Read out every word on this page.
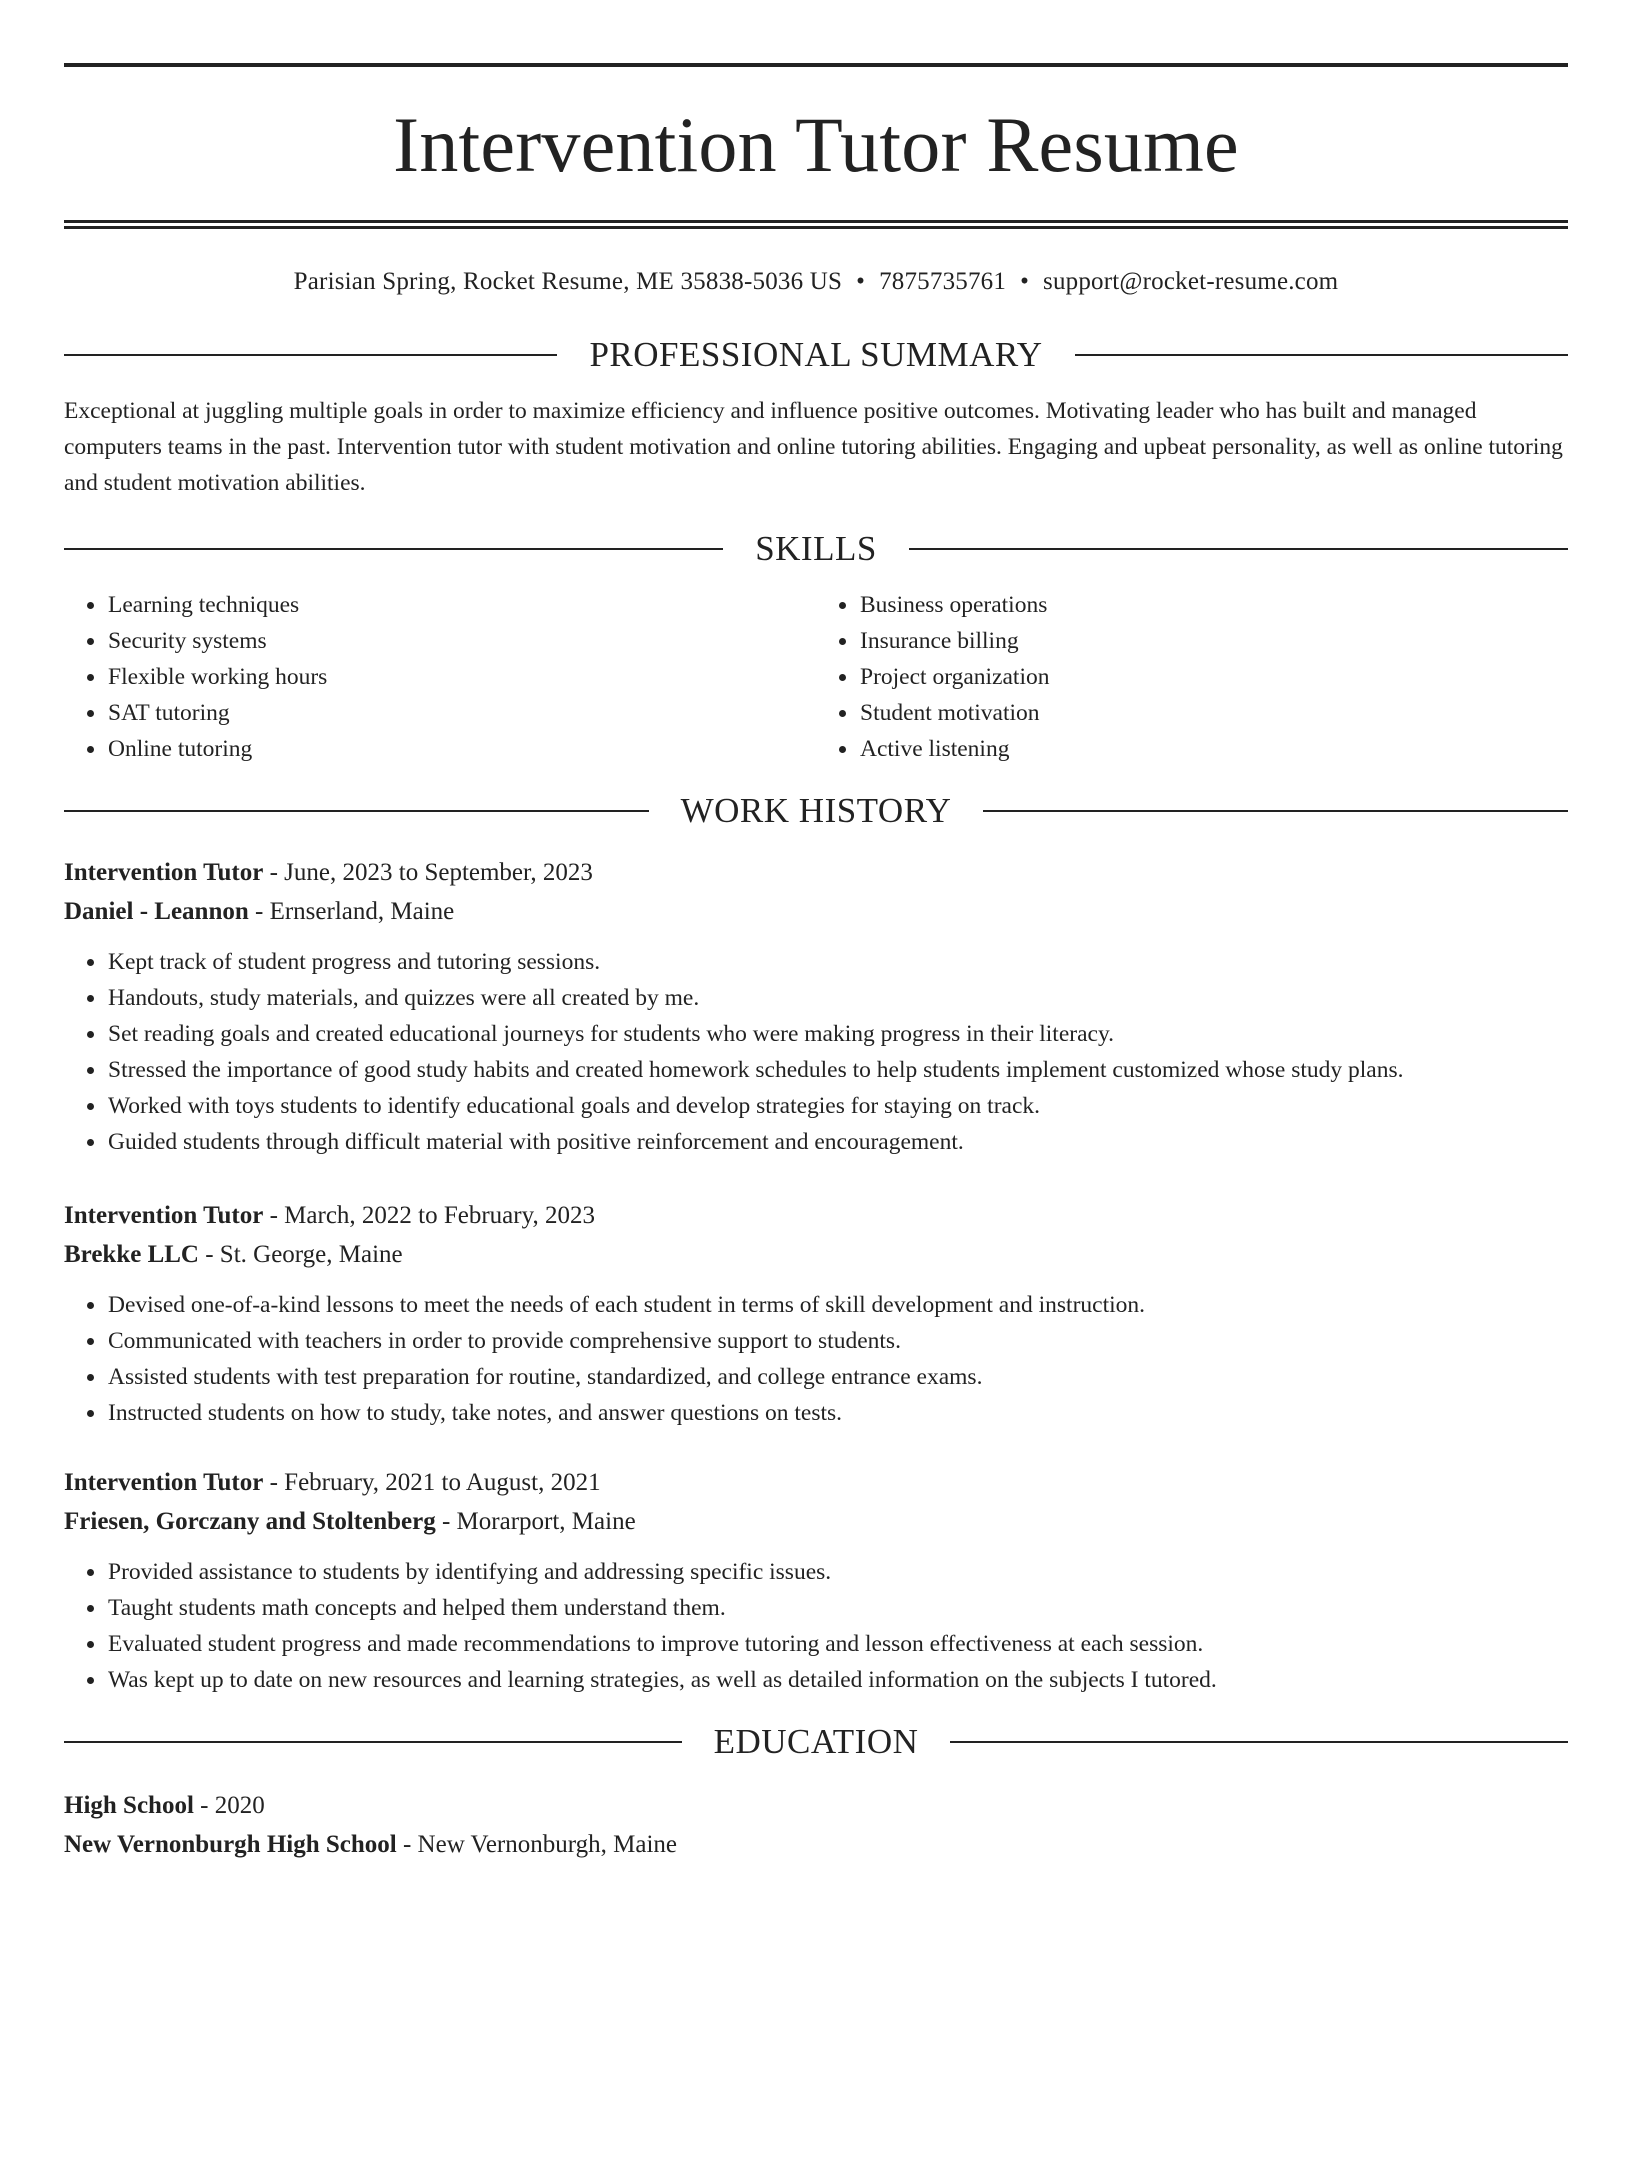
Intervention Tutor Resume
Parisian Spring, Rocket Resume, ME 35838-5036 US • 7875735761 • support@rocket-resume.com
PROFESSIONAL SUMMARY
Exceptional at juggling multiple goals in order to maximize efficiency and influence positive outcomes. Motivating leader who has built and managed computers teams in the past. Intervention tutor with student motivation and online tutoring abilities. Engaging and upbeat personality, as well as online tutoring and student motivation abilities.
SKILLS
• Learning techniques
• Security systems
• Flexible working hours
• SAT tutoring
• Online tutoring
• Business operations
• Insurance billing
• Project organization
• Student motivation
• Active listening
WORK HISTORY
Intervention Tutor - June, 2023 to September, 2023
Daniel - Leannon - Ernserland, Maine
• Kept track of student progress and tutoring sessions.
• Handouts, study materials, and quizzes were all created by me.
• Set reading goals and created educational journeys for students who were making progress in their literacy.
• Stressed the importance of good study habits and created homework schedules to help students implement customized whose study plans.
• Worked with toys students to identify educational goals and develop strategies for staying on track.
• Guided students through difficult material with positive reinforcement and encouragement.
Intervention Tutor - March, 2022 to February, 2023
Brekke LLC - St. George, Maine
• Devised one-of-a-kind lessons to meet the needs of each student in terms of skill development and instruction.
• Communicated with teachers in order to provide comprehensive support to students.
• Assisted students with test preparation for routine, standardized, and college entrance exams.
• Instructed students on how to study, take notes, and answer questions on tests.
Intervention Tutor - February, 2021 to August, 2021
Friesen, Gorczany and Stoltenberg - Morarport, Maine
• Provided assistance to students by identifying and addressing specific issues.
• Taught students math concepts and helped them understand them.
• Evaluated student progress and made recommendations to improve tutoring and lesson effectiveness at each session.
• Was kept up to date on new resources and learning strategies, as well as detailed information on the subjects I tutored.
EDUCATION
High School - 2020
New Vernonburgh High School - New Vernonburgh, Maine
